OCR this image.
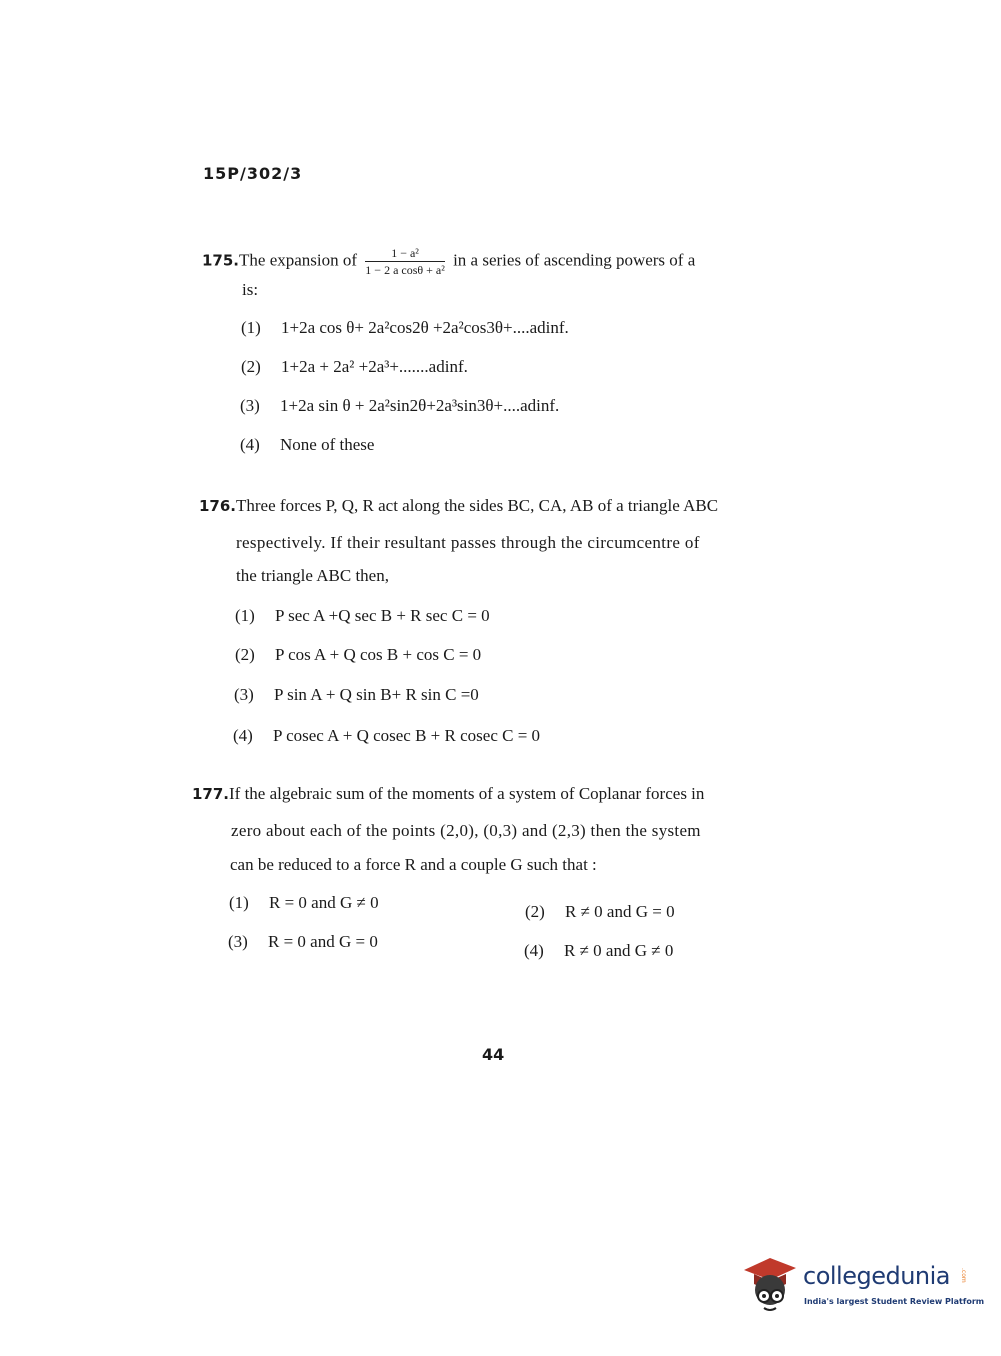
15P/302/3
175.The expansion of $\frac{\text{1 − a²}}{\text{1 − 2 a cosθ + a²}}$ in a series of ascending powers of a
is:
(1) 1+2a cos θ+ 2a²cos2θ +2a²cos3θ+....adinf.
(2) 1+2a + 2a² +2a³+.......adinf.
(3) 1+2a sin θ + 2a²sin2θ+2a³sin3θ+....adinf.
(4) None of these
176.Three forces P, Q, R act along the sides BC, CA, AB of a triangle ABC
respectively. If their resultant passes through the circumcentre of
the triangle ABC then,
(1) P sec A +Q sec B + R sec C = 0
(2) P cos A + Q cos B + cos C = 0
(3) P sin A + Q sin B+ R sin C =0
(4) P cosec A + Q cosec B + R cosec C = 0
177.If the algebraic sum of the moments of a system of Coplanar forces in
zero about each of the points (2,0), (0,3) and (2,3) then the system
can be reduced to a force R and a couple G such that :
(1) R = 0 and G ≠ 0	(2) R ≠ 0 and G = 0
(3) R = 0 and G = 0	(4) R ≠ 0 and G ≠ 0
44
collegedunia .com
India's largest Student Review Platform
